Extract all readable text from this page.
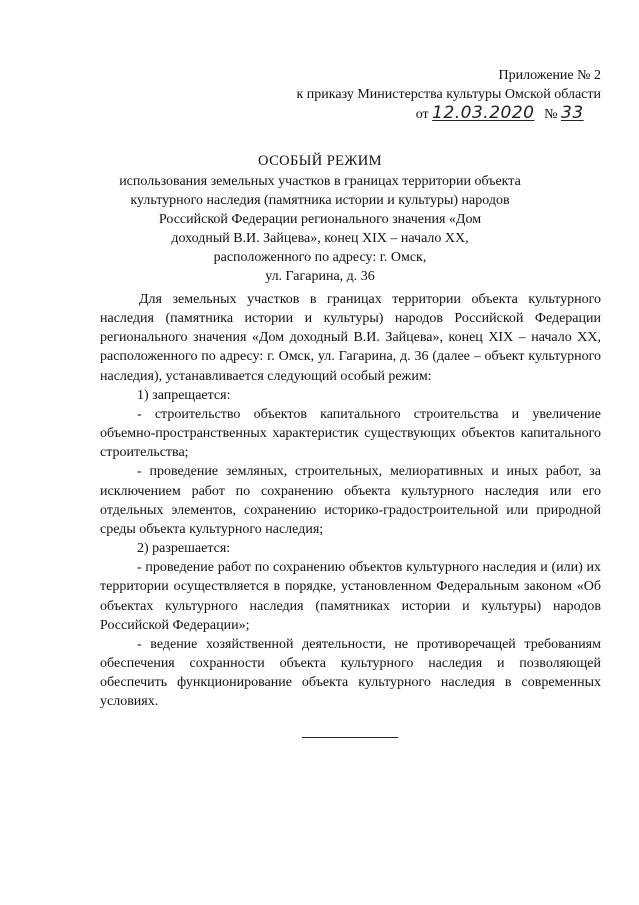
Приложение № 2
к приказу Министерства культуры Омской области
от 12.03.2020 № 33
ОСОБЫЙ РЕЖИМ
использования земельных участков в границах территории объекта
культурного наследия (памятника истории и культуры) народов
Российской Федерации регионального значения «Дом
доходный В.И. Зайцева», конец XIX – начало XX,
расположенного по адресу: г. Омск,
ул. Гагарина, д. 36

Для земельных участков в границах территории объекта культурного наследия (памятника истории и культуры) народов Российской Федерации регионального значения «Дом доходный В.И. Зайцева», конец XIX – начало XX, расположенного по адресу: г. Омск, ул. Гагарина, д. 36 (далее – объект культурного наследия), устанавливается следующий особый режим:

1) запрещается:

- строительство объектов капитального строительства и увеличение объемно-пространственных характеристик существующих объектов капитального строительства;

- проведение земляных, строительных, мелиоративных и иных работ, за исключением работ по сохранению объекта культурного наследия или его отдельных элементов, сохранению историко-градостроительной или природной среды объекта культурного наследия;

2) разрешается:

- проведение работ по сохранению объектов культурного наследия и (или) их территории осуществляется в порядке, установленном Федеральным законом «Об объектах культурного наследия (памятниках истории и культуры) народов Российской Федерации»;

- ведение хозяйственной деятельности, не противоречащей требованиям обеспечения сохранности объекта культурного наследия и позволяющей обеспечить функционирование объекта культурного наследия в современных условиях.
